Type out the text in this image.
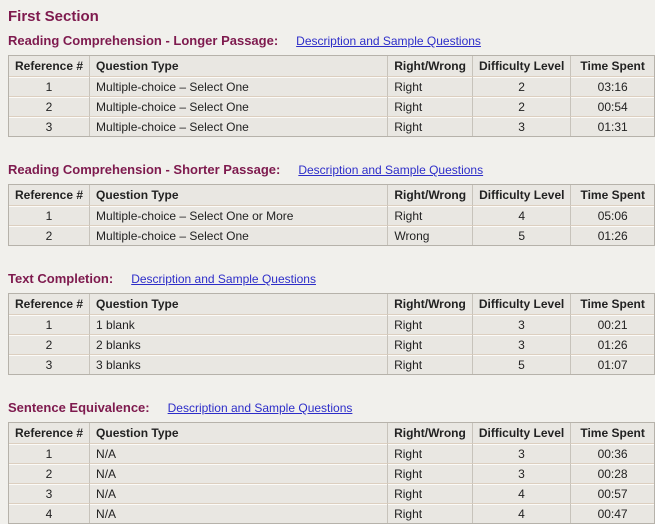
First Section
Reading Comprehension - Longer Passage: Description and Sample Questions
Reference #	Question Type	Right/Wrong	Difficulty Level	Time Spent
1	Multiple-choice – Select One	Right	2	03:16
2	Multiple-choice – Select One	Right	2	00:54
3	Multiple-choice – Select One	Right	3	01:31
Reading Comprehension - Shorter Passage: Description and Sample Questions
Reference #	Question Type	Right/Wrong	Difficulty Level	Time Spent
1	Multiple-choice – Select One or More	Right	4	05:06
2	Multiple-choice – Select One	Wrong	5	01:26
Text Completion: Description and Sample Questions
Reference #	Question Type	Right/Wrong	Difficulty Level	Time Spent
1	1 blank	Right	3	00:21
2	2 blanks	Right	3	01:26
3	3 blanks	Right	5	01:07
Sentence Equivalence: Description and Sample Questions
Reference #	Question Type	Right/Wrong	Difficulty Level	Time Spent
1	N/A	Right	3	00:36
2	N/A	Right	3	00:28
3	N/A	Right	4	00:57
4	N/A	Right	4	00:47
